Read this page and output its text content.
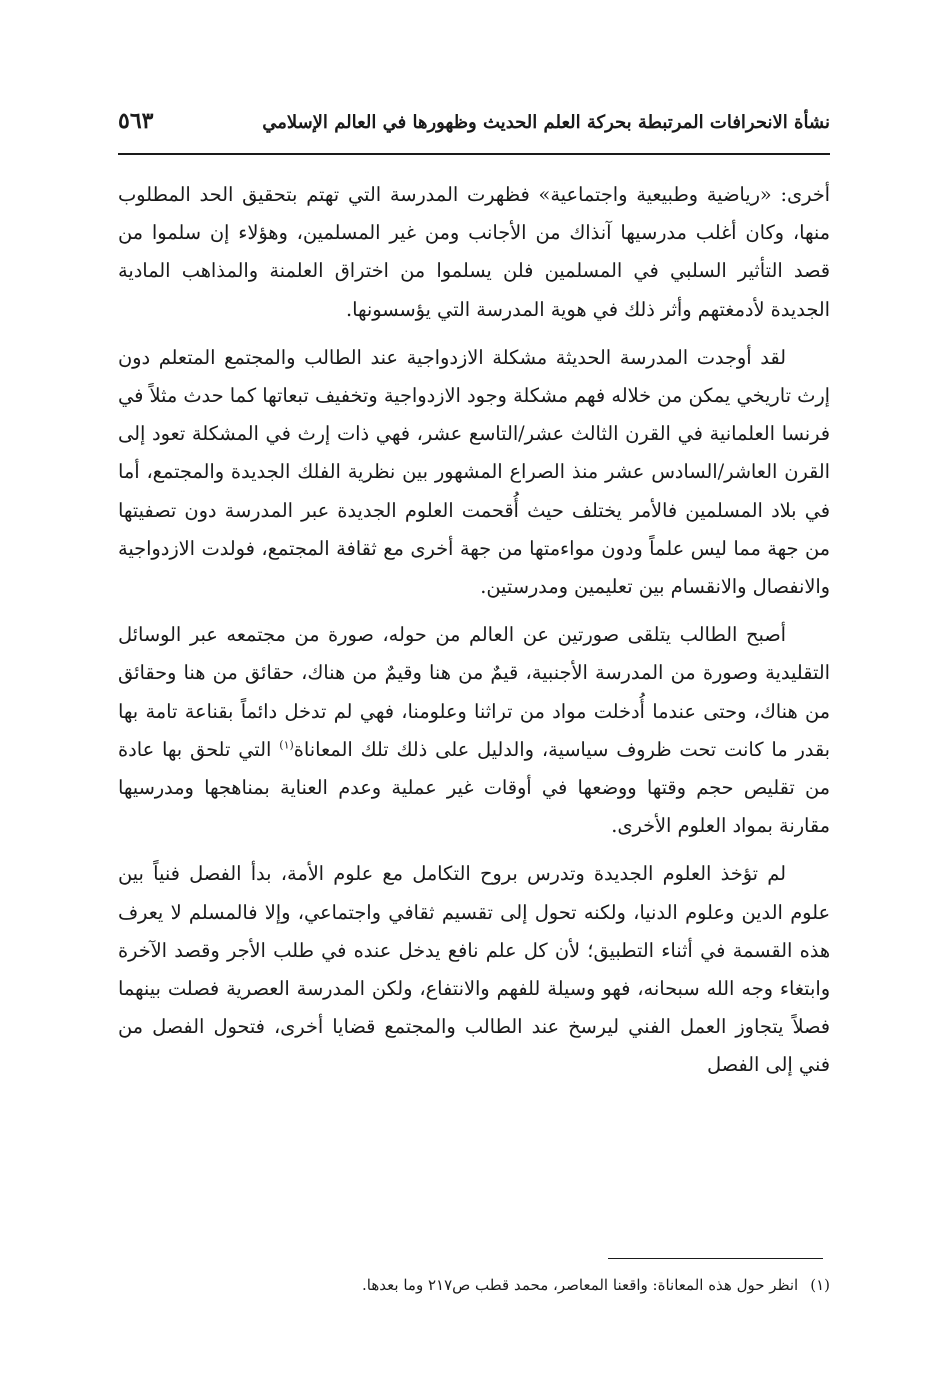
نشأة الانحرافات المرتبطة بحركة العلم الحديث وظهورها في العالم الإسلامي
٥٦٣

أخرى: «رياضية وطبيعية واجتماعية» فظهرت المدرسة التي تهتم بتحقيق الحد المطلوب منها، وكان أغلب مدرسيها آنذاك من الأجانب ومن غير المسلمين، وهؤلاء إن سلموا من قصد التأثير السلبي في المسلمين فلن يسلموا من اختراق العلمنة والمذاهب المادية الجديدة لأدمغتهم وأثر ذلك في هوية المدرسة التي يؤسسونها.

لقد أوجدت المدرسة الحديثة مشكلة الازدواجية عند الطالب والمجتمع المتعلم دون إرث تاريخي يمكن من خلاله فهم مشكلة وجود الازدواجية وتخفيف تبعاتها كما حدث مثلاً في فرنسا العلمانية في القرن الثالث عشر/التاسع عشر، فهي ذات إرث في المشكلة تعود إلى القرن العاشر/السادس عشر منذ الصراع المشهور بين نظرية الفلك الجديدة والمجتمع، أما في بلاد المسلمين فالأمر يختلف حيث أُقحمت العلوم الجديدة عبر المدرسة دون تصفيتها من جهة مما ليس علماً ودون مواءمتها من جهة أخرى مع ثقافة المجتمع، فولدت الازدواجية والانفصال والانقسام بين تعليمين ومدرستين.

أصبح الطالب يتلقى صورتين عن العالم من حوله، صورة من مجتمعه عبر الوسائل التقليدية وصورة من المدرسة الأجنبية، قيمٌ من هنا وقيمٌ من هناك، حقائق من هنا وحقائق من هناك، وحتى عندما أُدخلت مواد من تراثنا وعلومنا، فهي لم تدخل دائماً بقناعة تامة بها بقدر ما كانت تحت ظروف سياسية، والدليل على ذلك تلك المعاناة$^{(١)}$ التي تلحق بها عادة من تقليص حجم وقتها ووضعها في أوقات غير عملية وعدم العناية بمناهجها ومدرسيها مقارنة بمواد العلوم الأخرى.

لم تؤخذ العلوم الجديدة وتدرس بروح التكامل مع علوم الأمة، بدأ الفصل فنياً بين علوم الدين وعلوم الدنيا، ولكنه تحول إلى تقسيم ثقافي واجتماعي، وإلا فالمسلم لا يعرف هذه القسمة في أثناء التطبيق؛ لأن كل علم نافع يدخل عنده في طلب الأجر وقصد الآخرة وابتغاء وجه الله سبحانه، فهو وسيلة للفهم والانتفاع، ولكن المدرسة العصرية فصلت بينهما فصلاً يتجاوز العمل الفني ليرسخ عند الطالب والمجتمع قضايا أخرى، فتحول الفصل من فني إلى الفصل

(١)انظر حول هذه المعاناة: واقعنا المعاصر، محمد قطب ص٢١٧ وما بعدها.
